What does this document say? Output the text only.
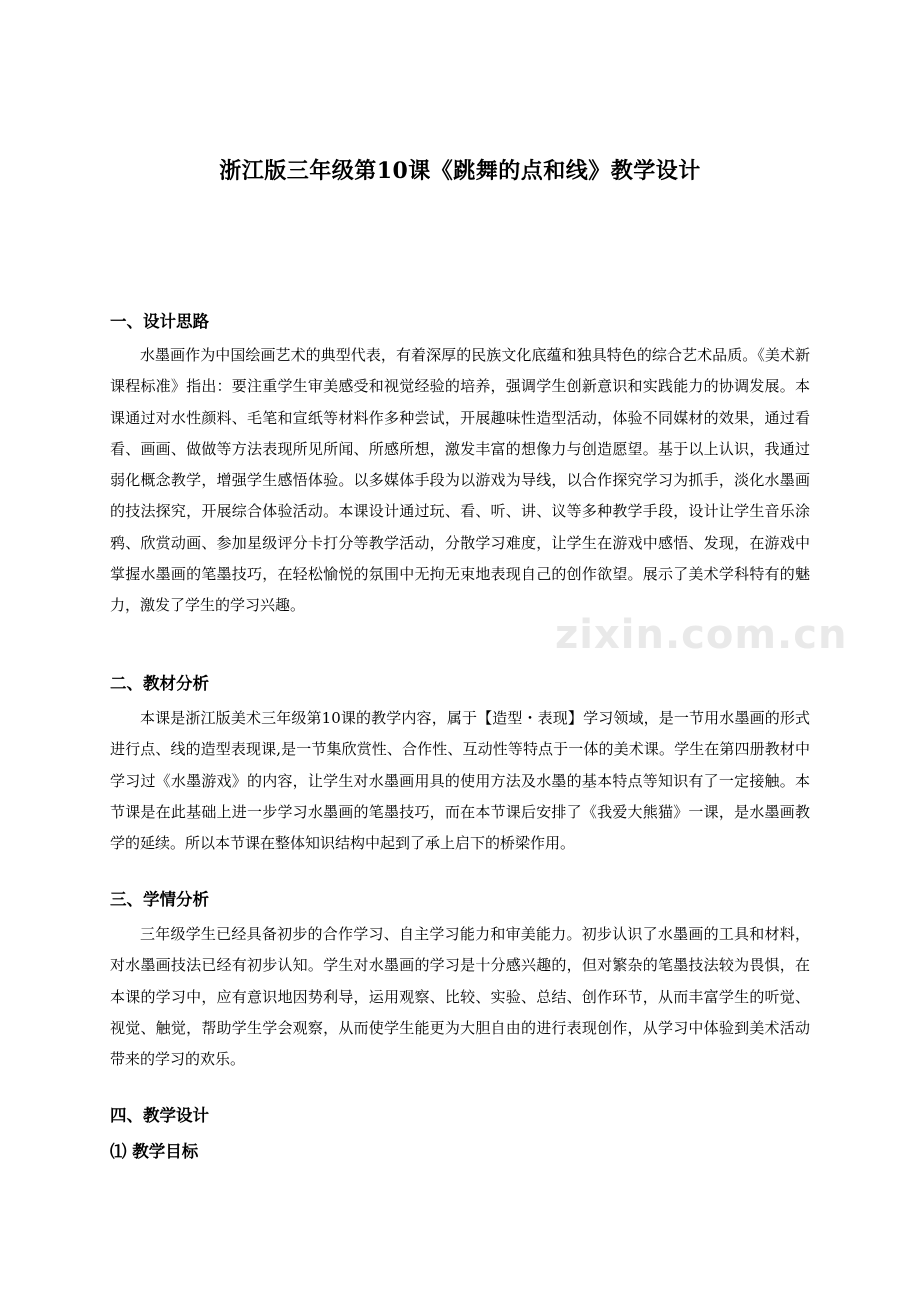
浙江版三年级第10课《跳舞的点和线》教学设计
一、设计思路
水墨画作为中国绘画艺术的典型代表，有着深厚的民族文化底蕴和独具特色的综合艺术品质。《美术新课程标准》指出：要注重学生审美感受和视觉经验的培养，强调学生创新意识和实践能力的协调发展。本课通过对水性颜料、毛笔和宣纸等材料作多种尝试，开展趣味性造型活动，体验不同媒材的效果，通过看看、画画、做做等方法表现所见所闻、所感所想，激发丰富的想像力与创造愿望。基于以上认识，我通过弱化概念教学，增强学生感悟体验。以多媒体手段为以游戏为导线，以合作探究学习为抓手，淡化水墨画的技法探究，开展综合体验活动。本课设计通过玩、看、听、讲、议等多种教学手段，设计让学生音乐涂鸦、欣赏动画、参加星级评分卡打分等教学活动，分散学习难度，让学生在游戏中感悟、发现，在游戏中掌握水墨画的笔墨技巧，在轻松愉悦的氛围中无拘无束地表现自己的创作欲望。展示了美术学科特有的魅力，激发了学生的学习兴趣。
二、教材分析
本课是浙江版美术三年级第10课的教学内容，属于【造型・表现】学习领域，是一节用水墨画的形式进行点、线的造型表现课,是一节集欣赏性、合作性、互动性等特点于一体的美术课。学生在第四册教材中学习过《水墨游戏》的内容，让学生对水墨画用具的使用方法及水墨的基本特点等知识有了一定接触。本节课是在此基础上进一步学习水墨画的笔墨技巧，而在本节课后安排了《我爱大熊猫》一课，是水墨画教学的延续。所以本节课在整体知识结构中起到了承上启下的桥梁作用。
三、学情分析
三年级学生已经具备初步的合作学习、自主学习能力和审美能力。初步认识了水墨画的工具和材料，对水墨画技法已经有初步认知。学生对水墨画的学习是十分感兴趣的，但对繁杂的笔墨技法较为畏惧，在本课的学习中，应有意识地因势利导，运用观察、比较、实验、总结、创作环节，从而丰富学生的听觉、视觉、触觉，帮助学生学会观察，从而使学生能更为大胆自由的进行表现创作，从学习中体验到美术活动带来的学习的欢乐。
四、教学设计
⑴ 教学目标
zixin.com.cn
